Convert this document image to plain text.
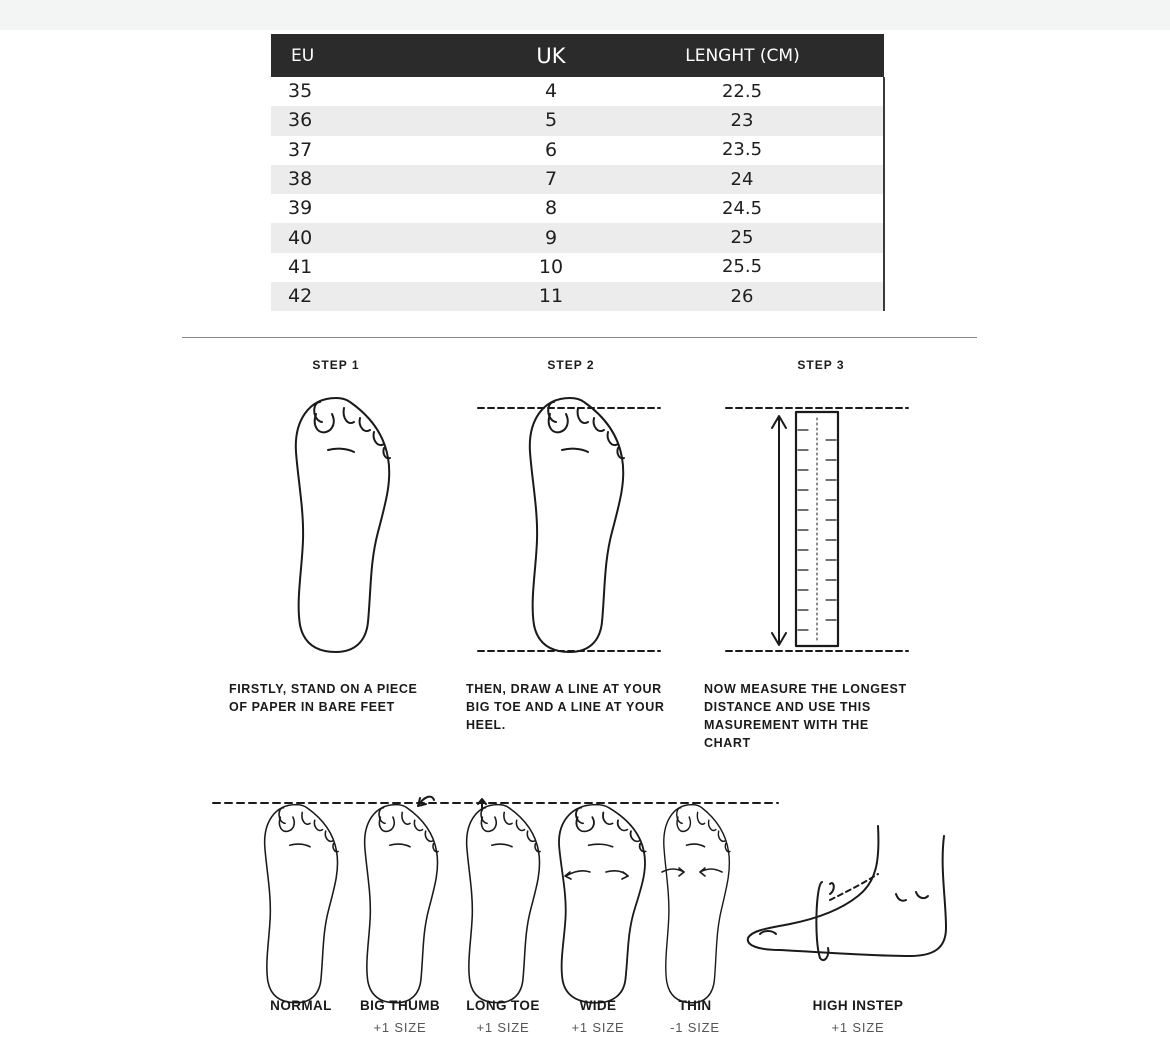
EU	UK	LENGHT (CM)
35	4	22.5
36	5	23
37	6	23.5
38	7	24
39	8	24.5
40	9	25
41	10	25.5
42	11	26
STEP 1	STEP 2	STEP 3
FIRSTLY, STAND ON A PIECE
OF PAPER IN BARE FEET
THEN, DRAW A LINE AT YOUR
BIG TOE AND A LINE AT YOUR
HEEL.
NOW MEASURE THE LONGEST
DISTANCE AND USE THIS
MASUREMENT WITH THE
CHART
NORMAL	BIG THUMB
+1 SIZE
LONG TOE
+1 SIZE
WIDE
+1 SIZE
THIN
-1 SIZE
HIGH INSTEP
+1 SIZE
